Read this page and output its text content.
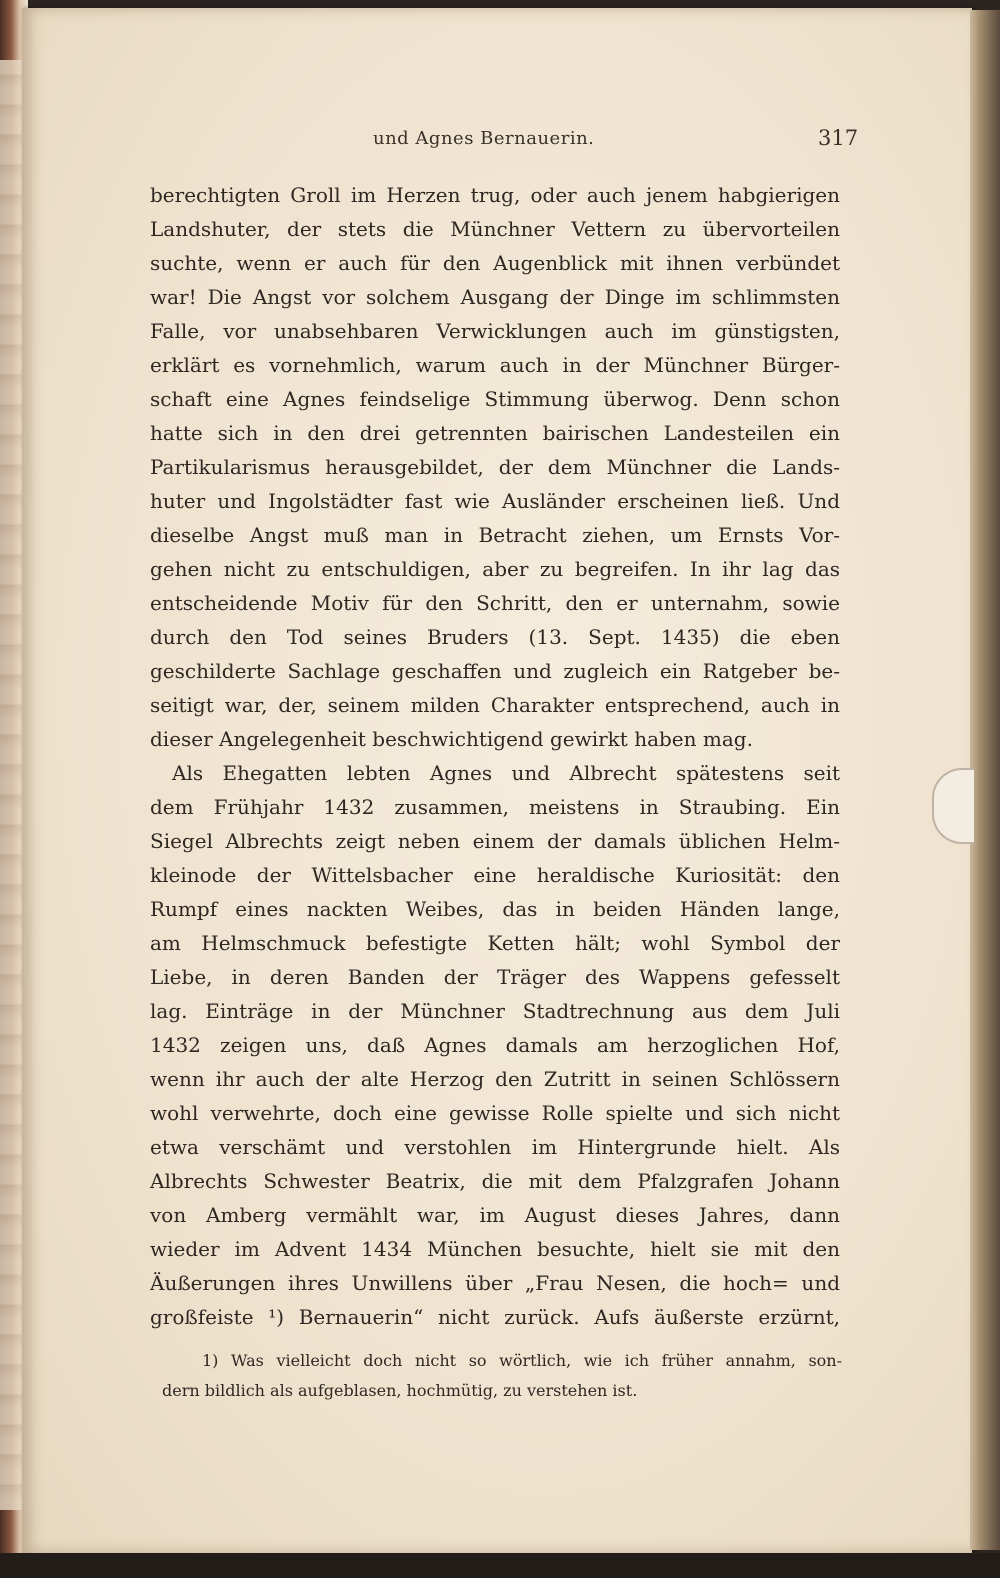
und Agnes Bernauerin.	317
berechtigten Groll im Herzen trug, oder auch jenem habgierigen
Landshuter, der stets die Münchner Vettern zu übervorteilen
suchte, wenn er auch für den Augenblick mit ihnen verbündet
war! Die Angst vor solchem Ausgang der Dinge im schlimmsten
Falle, vor unabsehbaren Verwicklungen auch im günstigsten,
erklärt es vornehmlich, warum auch in der Münchner Bürger-
schaft eine Agnes feindselige Stimmung überwog. Denn schon
hatte sich in den drei getrennten bairischen Landesteilen ein
Partikularismus herausgebildet, der dem Münchner die Lands-
huter und Ingolstädter fast wie Ausländer erscheinen ließ. Und
dieselbe Angst muß man in Betracht ziehen, um Ernsts Vor-
gehen nicht zu entschuldigen, aber zu begreifen. In ihr lag das
entscheidende Motiv für den Schritt, den er unternahm, sowie
durch den Tod seines Bruders (13. Sept. 1435) die eben
geschilderte Sachlage geschaffen und zugleich ein Ratgeber be-
seitigt war, der, seinem milden Charakter entsprechend, auch in
dieser Angelegenheit beschwichtigend gewirkt haben mag.
Als Ehegatten lebten Agnes und Albrecht spätestens seit
dem Frühjahr 1432 zusammen, meistens in Straubing. Ein
Siegel Albrechts zeigt neben einem der damals üblichen Helm-
kleinode der Wittelsbacher eine heraldische Kuriosität: den
Rumpf eines nackten Weibes, das in beiden Händen lange,
am Helmschmuck befestigte Ketten hält; wohl Symbol der
Liebe, in deren Banden der Träger des Wappens gefesselt
lag. Einträge in der Münchner Stadtrechnung aus dem Juli
1432 zeigen uns, daß Agnes damals am herzoglichen Hof,
wenn ihr auch der alte Herzog den Zutritt in seinen Schlössern
wohl verwehrte, doch eine gewisse Rolle spielte und sich nicht
etwa verschämt und verstohlen im Hintergrunde hielt. Als
Albrechts Schwester Beatrix, die mit dem Pfalzgrafen Johann
von Amberg vermählt war, im August dieses Jahres, dann
wieder im Advent 1434 München besuchte, hielt sie mit den
Äußerungen ihres Unwillens über „Frau Nesen, die hoch= und
großfeiste ¹) Bernauerin“ nicht zurück. Aufs äußerste erzürnt,
1) Was vielleicht doch nicht so wörtlich, wie ich früher annahm, son-
dern bildlich als aufgeblasen, hochmütig, zu verstehen ist.
